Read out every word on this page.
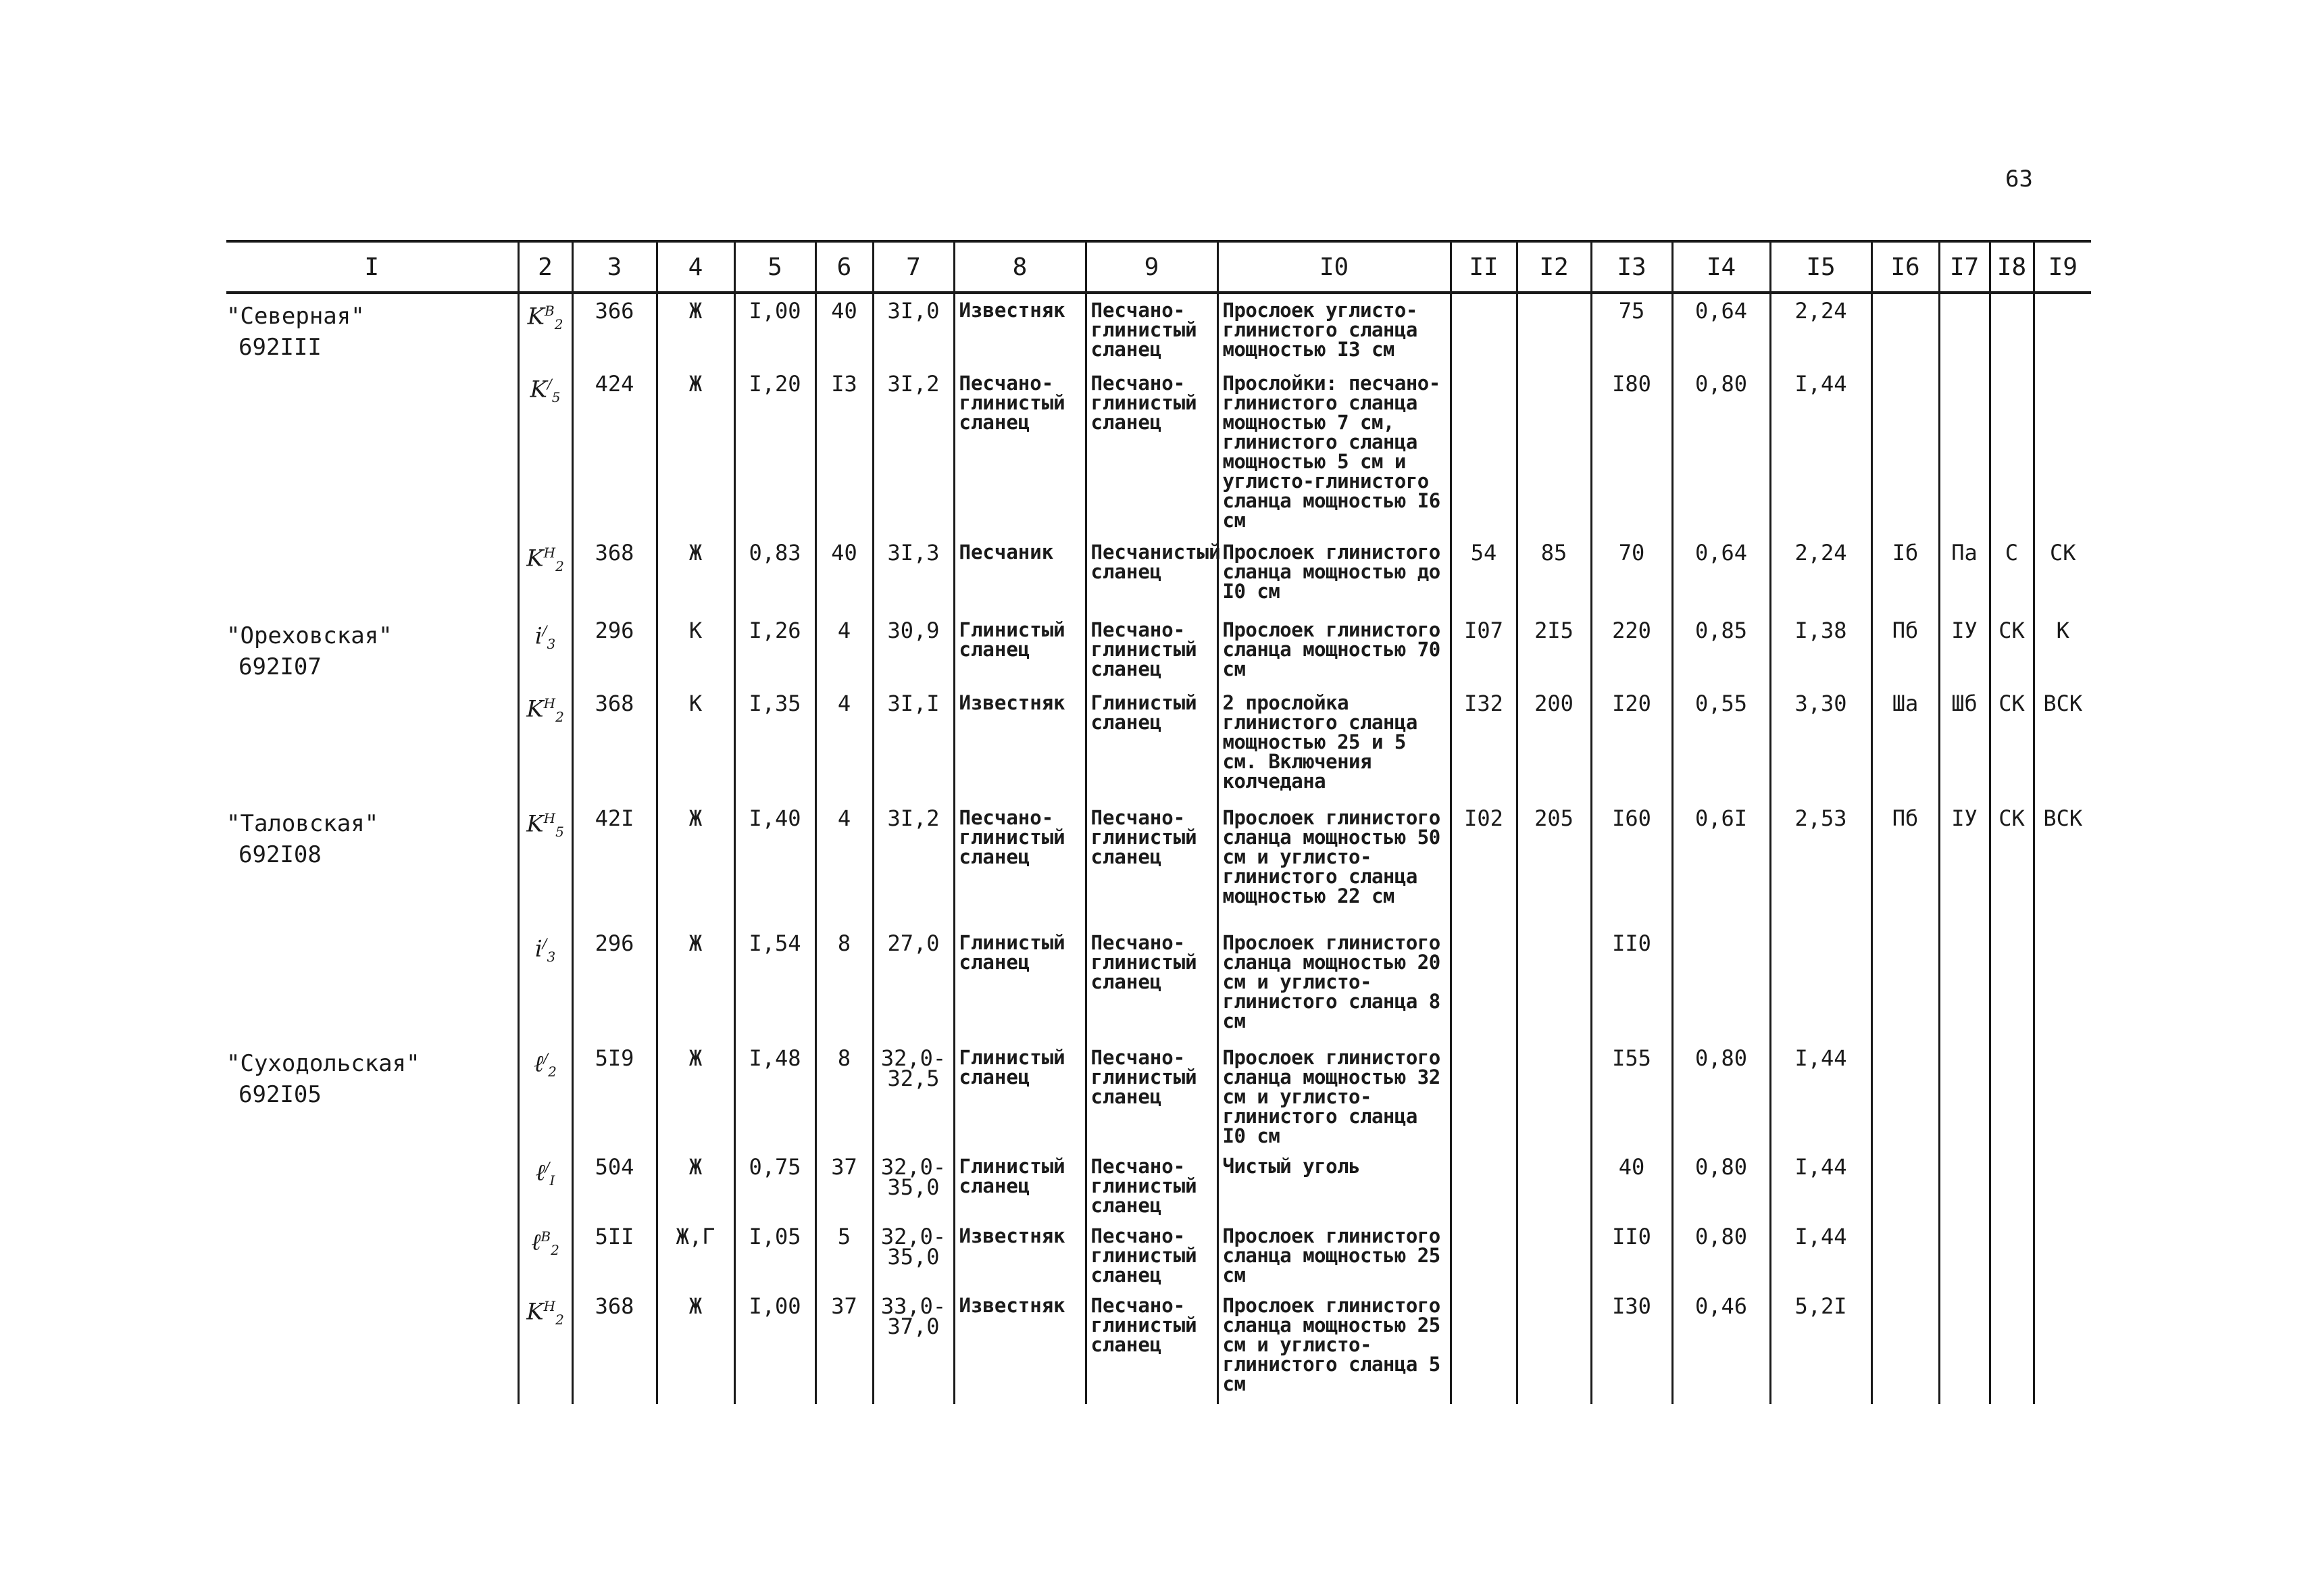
63
I	2	3	4	5	6	7	8	9	I0	II	I2	I3	I4	I5	I6	I7	I8	I9

"Северная"
692III	$K^В_2$	366	Ж	I,00	40	3I,0	Известняк	Песчано-глинистый сланец	Прослоек углисто-глинистого сланца мощностью I3 см			75	0,64	2,24				

	$K^/_5$	424	Ж	I,20	I3	3I,2	Песчано-глинистый сланец	Песчано-глинистый сланец	Прослойки: песчано-глинистого сланца мощностью 7 см, глинистого сланца мощностью 5 см и углисто-глинистого сланца мощностью I6 см			I80	0,80	I,44				

	$K^Н_2$	368	Ж	0,83	40	3I,3	Песчаник	Песчанистый сланец	Прослоек глинистого сланца мощностью до I0 см	54	85	70	0,64	2,24	Iб	Па	С	СК

"Ореховская"
692I07	$i^/_3$	296	К	I,26	4	30,9	Глинистый сланец	Песчано-глинистый сланец	Прослоек глинистого сланца мощностью 70 см	I07	2I5	220	0,85	I,38	Пб	IУ	СК	К

	$K^Н_2$	368	К	I,35	4	3I,I	Известняк	Глинистый сланец	2 прослойка глинистого сланца мощностью 25 и 5 см. Включения колчедана	I32	200	I20	0,55	3,30	Шa	Шб	СК	ВСК

"Таловская"
692I08	$K^Н_5$	42I	Ж	I,40	4	3I,2	Песчано-глинистый сланец	Песчано-глинистый сланец	Прослоек глинистого сланца мощностью 50 см и углисто-глинистого сланца мощностью 22 см	I02	205	I60	0,6I	2,53	Пб	IУ	СК	ВСК

	$i^/_3$	296	Ж	I,54	8	27,0	Глинистый сланец	Песчано-глинистый сланец	Прослоек глинистого сланца мощностью 20 см и углисто-глинистого сланца 8 см			II0						

"Суходольская"
692I05	ℓ/$_2$	5I9	Ж	I,48	8	32,0-32,5	Глинистый сланец	Песчано-глинистый сланец	Прослоек глинистого сланца мощностью 32 см и углисто-глинистого сланца I0 см			I55	0,80	I,44				

	ℓ/$_I$	504	Ж	0,75	37	32,0-35,0	Глинистый сланец	Песчано-глинистый сланец	Чистый уголь			40	0,80	I,44				

	ℓ$^В_2$	5II	Ж,Г	I,05	5	32,0-35,0	Известняк	Песчано-глинистый сланец	Прослоек глинистого сланца мощностью 25 см			II0	0,80	I,44				

	$K^Н_2$	368	Ж	I,00	37	33,0-37,0	Известняк	Песчано-глинистый сланец	Прослоек глинистого сланца мощностью 25 см и углисто-глинистого сланца 5 см			I30	0,46	5,2I				
